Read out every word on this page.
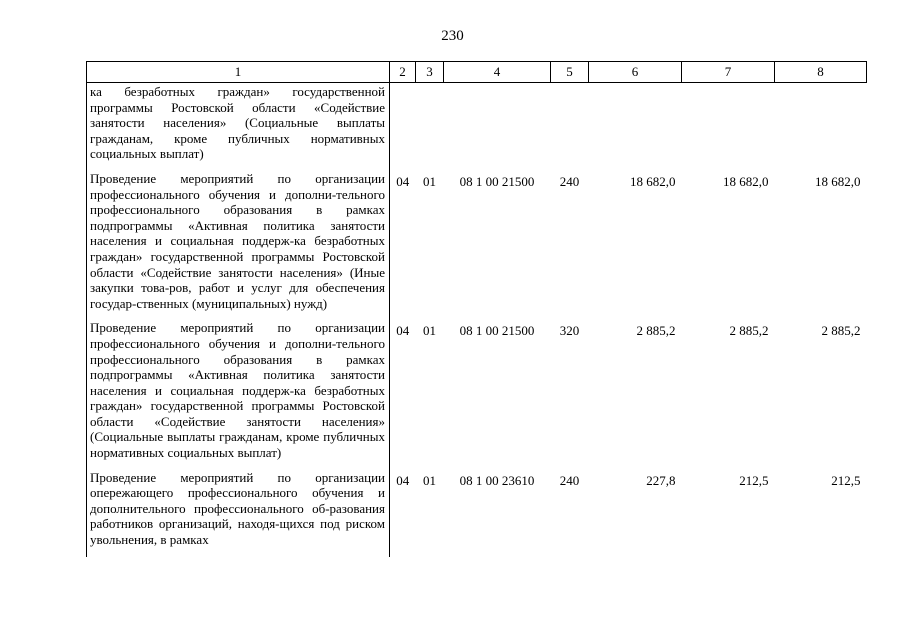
230
1	2	3	4	5	6	7	8
ка безработных граждан» государственной программы Ростовской области «Содействие занятости населения» (Социальные выплаты гражданам, кроме публичных нормативных социальных выплат)							
Проведение мероприятий по организации профессионального обучения и дополни-тельного профессионального образования в рамках подпрограммы «Активная политика занятости населения и социальная поддерж-ка безработных граждан» государственной программы Ростовской области «Содействие занятости населения» (Иные закупки това-ров, работ и услуг для обеспечения государ-ственных (муниципальных) нужд)	04	01	08 1 00 21500	240	18 682,0	18 682,0	18 682,0
Проведение мероприятий по организации профессионального обучения и дополни-тельного профессионального образования в рамках подпрограммы «Активная политика занятости населения и социальная поддерж-ка безработных граждан» государственной программы Ростовской области «Содействие занятости населения» (Социальные выплаты гражданам, кроме публичных нормативных социальных выплат)	04	01	08 1 00 21500	320	2 885,2	2 885,2	2 885,2
Проведение мероприятий по организации опережающего профессионального обучения и дополнительного профессионального об-разования работников организаций, находя-щихся под риском увольнения, в рамках	04	01	08 1 00 23610	240	227,8	212,5	212,5
